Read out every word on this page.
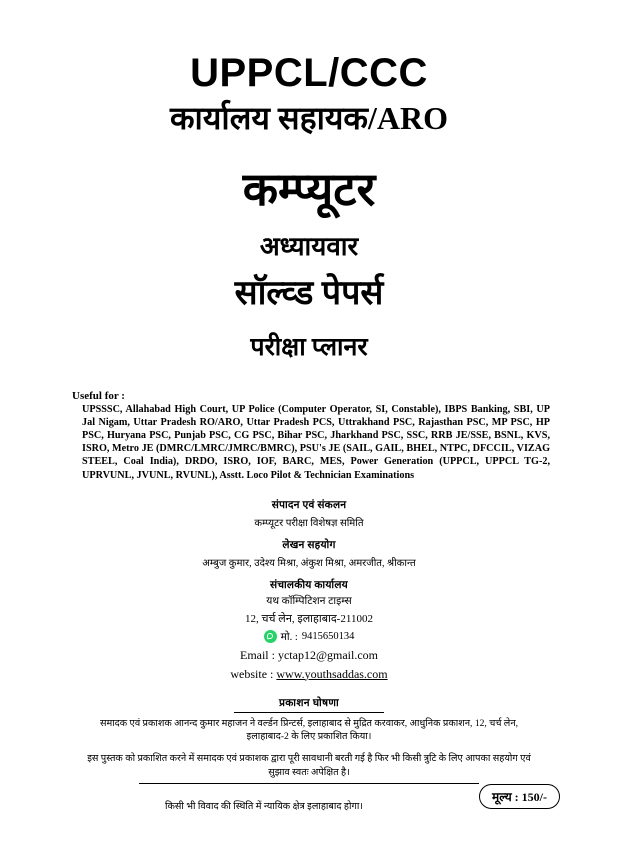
UPPCL/CCC
कार्यालय सहायक/ARO
कम्प्यूटर
अध्यायवार
सॉल्व्ड पेपर्स
परीक्षा प्लानर
Useful for :
UPSSSC, Allahabad High Court, UP Police (Computer Operator, SI, Constable), IBPS Banking, SBI, UP Jal Nigam, Uttar Pradesh RO/ARO, Uttar Pradesh PCS, Uttrakhand PSC, Rajasthan PSC, MP PSC, HP PSC, Huryana PSC, Punjab PSC, CG PSC, Bihar PSC, Jharkhand PSC, SSC, RRB JE/SSE, BSNL, KVS, ISRO, Metro JE (DMRC/LMRC/JMRC/BMRC), PSU's JE (SAIL, GAIL, BHEL, NTPC, DFCCIL, VIZAG STEEL, Coal India), DRDO, ISRO, IOF, BARC, MES, Power Generation (UPPCL, UPPCL TG-2, UPRVUNL, JVUNL, RVUNL), Asstt. Loco Pilot & Technician Examinations
संपादन एवं संकलन
कम्प्यूटर परीक्षा विशेषज्ञ समिति
लेखन सहयोग
अम्बुज कुमार, उदेश्य मिश्रा, अंकुश मिश्रा, अमरजीत, श्रीकान्त
संचालकीय कार्यालय
यथ कॉम्पिटिशन टाइम्स
12, चर्च लेन, इलाहाबाद-211002
मो. : 9415650134
Email : yctap12@gmail.com
website : www.youthsaddas.com
प्रकाशन घोषणा
समादक एवं प्रकाशक आनन्द कुमार महाजन ने वर्ल्डन प्रिन्टर्स, इलाहाबाद से मुद्रित करवाकर, आधुनिक प्रकाशन, 12, चर्च लेन, इलाहाबाद-2 के लिए प्रकाशित किया।
इस पुस्तक को प्रकाशित करने में समादक एवं प्रकाशक द्वारा पूरी सावधानी बरती गई है फिर भी किसी त्रुटि के लिए आपका सहयोग एवं सुझाव स्वतः अपेक्षित है।
किसी भी विवाद की स्थिति में न्यायिक क्षेत्र इलाहाबाद होगा।
मूल्य : 150/-
